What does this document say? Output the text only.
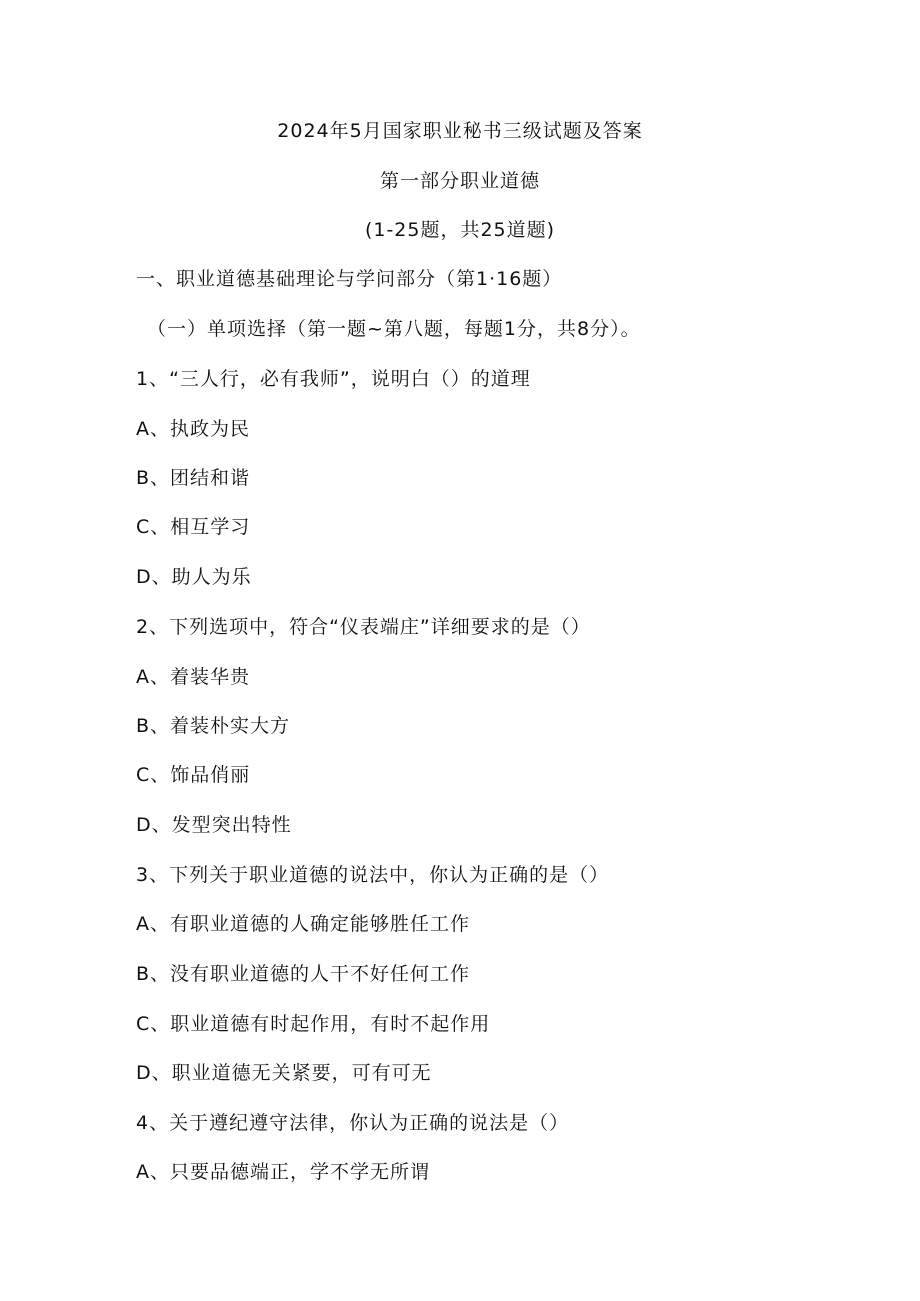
2024年5月国家职业秘书三级试题及答案
第一部分职业道德
(1-25题，共25道题)
一、职业道德基础理论与学问部分（第1·16题）
（一）单项选择（第一题~第八题，每题1分，共8分）。
1、“三人行，必有我师”，说明白（）的道理
A、执政为民
B、团结和谐
C、相互学习
D、助人为乐
2、下列选项中，符合“仪表端庄”详细要求的是（）
A、着装华贵
B、着装朴实大方
C、饰品俏丽
D、发型突出特性
3、下列关于职业道德的说法中，你认为正确的是（）
A、有职业道德的人确定能够胜任工作
B、没有职业道德的人干不好任何工作
C、职业道德有时起作用，有时不起作用
D、职业道德无关紧要，可有可无
4、关于遵纪遵守法律，你认为正确的说法是（）
A、只要品德端正，学不学无所谓
